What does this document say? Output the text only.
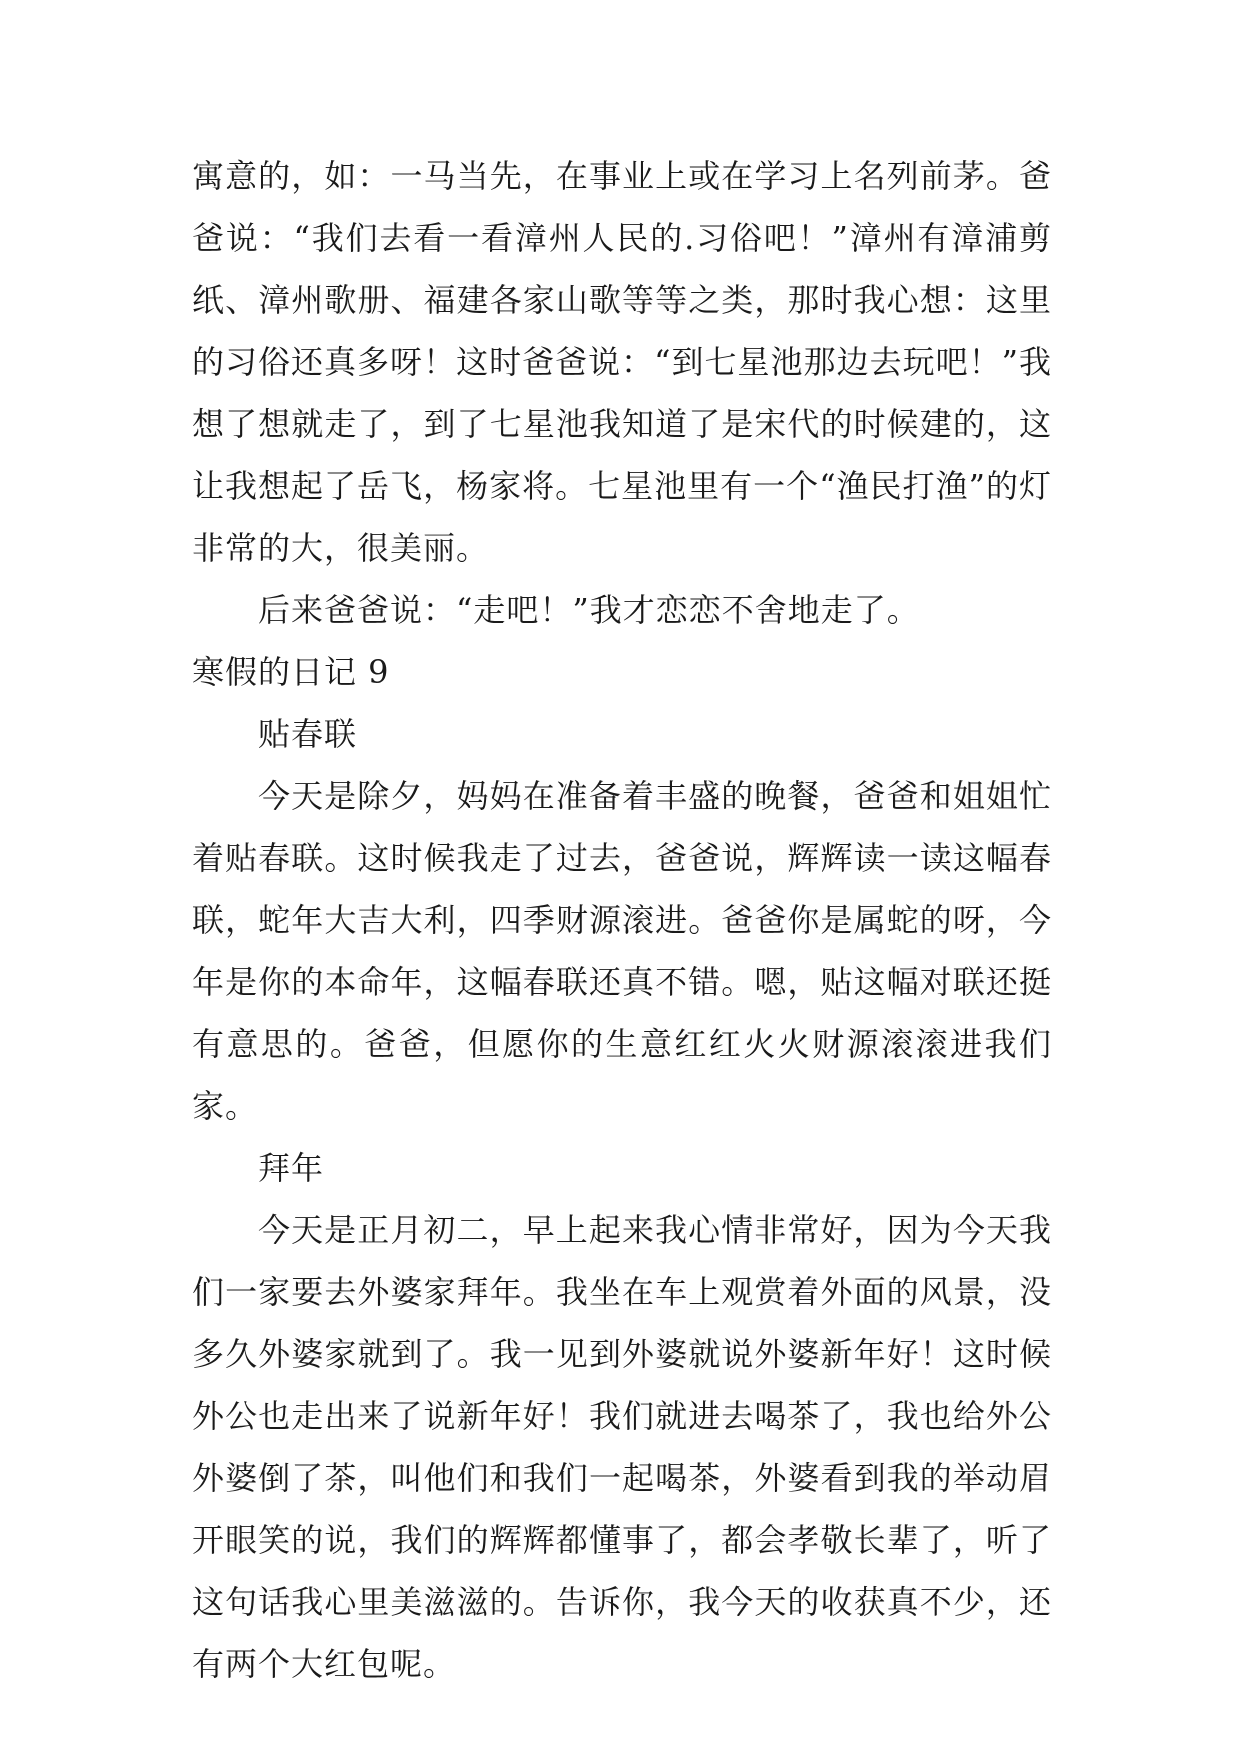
寓意的，如：一马当先，在事业上或在学习上名列前茅。爸爸说：“我们去看一看漳州人民的.习俗吧！”漳州有漳浦剪纸、漳州歌册、福建各家山歌等等之类，那时我心想：这里的习俗还真多呀！这时爸爸说：“到七星池那边去玩吧！”我想了想就走了，到了七星池我知道了是宋代的时候建的，这让我想起了岳飞，杨家将。七星池里有一个“渔民打渔”的灯非常的大，很美丽。

后来爸爸说：“走吧！”我才恋恋不舍地走了。

寒假的日记 9

贴春联

今天是除夕，妈妈在准备着丰盛的晚餐，爸爸和姐姐忙着贴春联。这时候我走了过去，爸爸说，辉辉读一读这幅春联，蛇年大吉大利，四季财源滚进。爸爸你是属蛇的呀，今年是你的本命年，这幅春联还真不错。嗯，贴这幅对联还挺有意思的。爸爸，但愿你的生意红红火火财源滚滚进我们家。

拜年

今天是正月初二，早上起来我心情非常好，因为今天我们一家要去外婆家拜年。我坐在车上观赏着外面的风景，没多久外婆家就到了。我一见到外婆就说外婆新年好！这时候外公也走出来了说新年好！我们就进去喝茶了，我也给外公外婆倒了茶，叫他们和我们一起喝茶，外婆看到我的举动眉开眼笑的说，我们的辉辉都懂事了，都会孝敬长辈了，听了这句话我心里美滋滋的。告诉你，我今天的收获真不少，还有两个大红包呢。
